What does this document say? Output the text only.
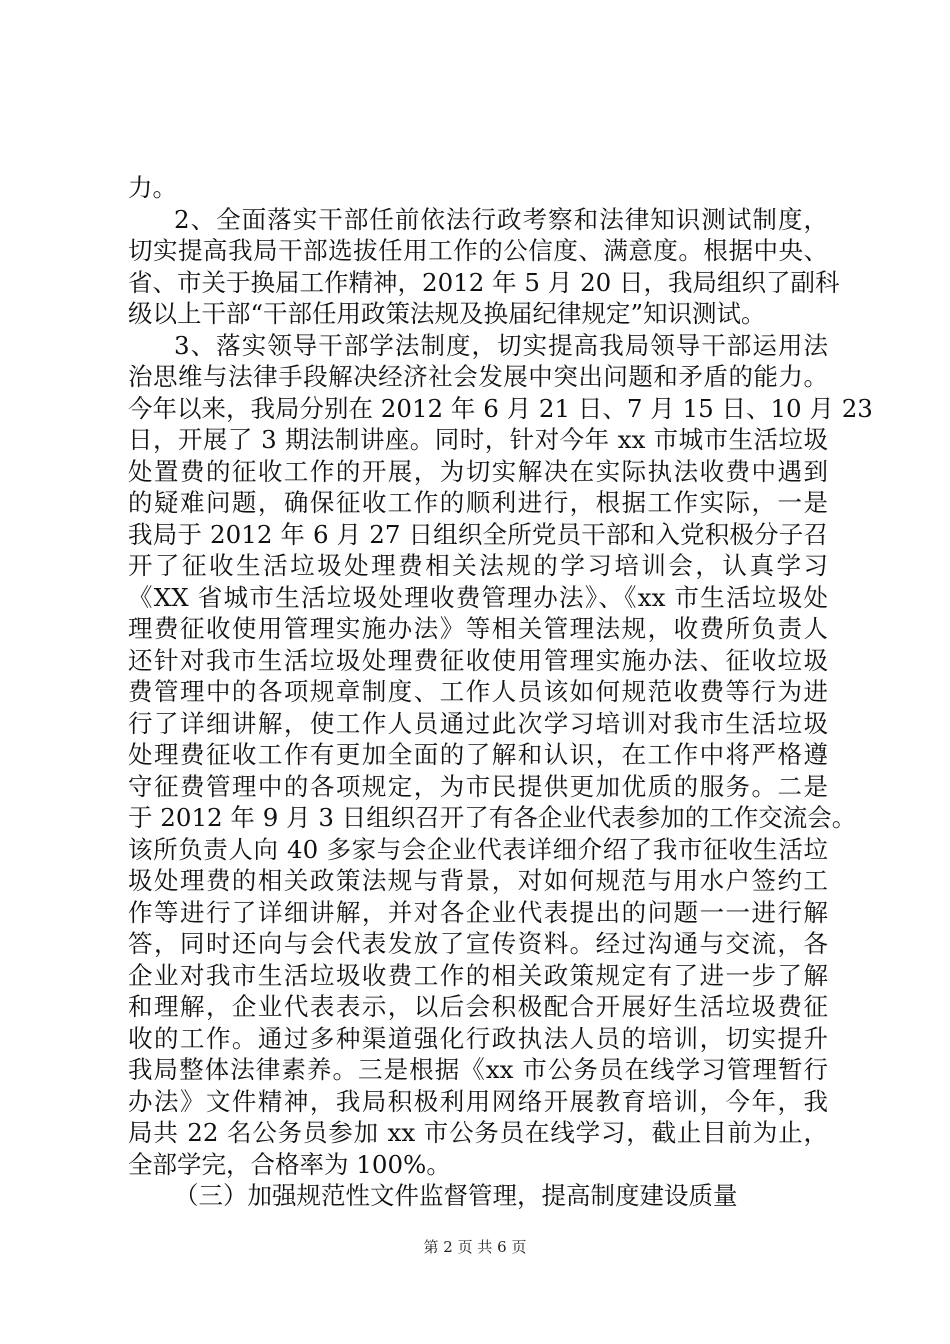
力。
2、全面落实干部任前依法行政考察和法律知识测试制度，
切实提高我局干部选拔任用工作的公信度、满意度。根据中央、
省、市关于换届工作精神，2012 年 5 月 20 日，我局组织了副科
级以上干部“干部任用政策法规及换届纪律规定”知识测试。
3、落实领导干部学法制度，切实提高我局领导干部运用法
治思维与法律手段解决经济社会发展中突出问题和矛盾的能力。
今年以来，我局分别在 2012 年 6 月 21 日、7 月 15 日、10 月 23
日，开展了 3 期法制讲座。同时，针对今年 xx 市城市生活垃圾
处置费的征收工作的开展，为切实解决在实际执法收费中遇到
的疑难问题，确保征收工作的顺利进行，根据工作实际，一是
我局于 2012 年 6 月 27 日组织全所党员干部和入党积极分子召
开了征收生活垃圾处理费相关法规的学习培训会，认真学习
《XX 省城市生活垃圾处理收费管理办法》、《xx 市生活垃圾处
理费征收使用管理实施办法》等相关管理法规，收费所负责人
还针对我市生活垃圾处理费征收使用管理实施办法、征收垃圾
费管理中的各项规章制度、工作人员该如何规范收费等行为进
行了详细讲解，使工作人员通过此次学习培训对我市生活垃圾
处理费征收工作有更加全面的了解和认识，在工作中将严格遵
守征费管理中的各项规定，为市民提供更加优质的服务。二是
于 2012 年 9 月 3 日组织召开了有各企业代表参加的工作交流会。
该所负责人向 40 多家与会企业代表详细介绍了我市征收生活垃
圾处理费的相关政策法规与背景，对如何规范与用水户签约工
作等进行了详细讲解，并对各企业代表提出的问题一一进行解
答，同时还向与会代表发放了宣传资料。经过沟通与交流，各
企业对我市生活垃圾收费工作的相关政策规定有了进一步了解
和理解，企业代表表示，以后会积极配合开展好生活垃圾费征
收的工作。通过多种渠道强化行政执法人员的培训，切实提升
我局整体法律素养。三是根据《xx 市公务员在线学习管理暂行
办法》文件精神，我局积极利用网络开展教育培训，今年，我
局共 22 名公务员参加 xx 市公务员在线学习，截止目前为止，
全部学完，合格率为 100%。
（三）加强规范性文件监督管理，提高制度建设质量
第 2 页 共 6 页
